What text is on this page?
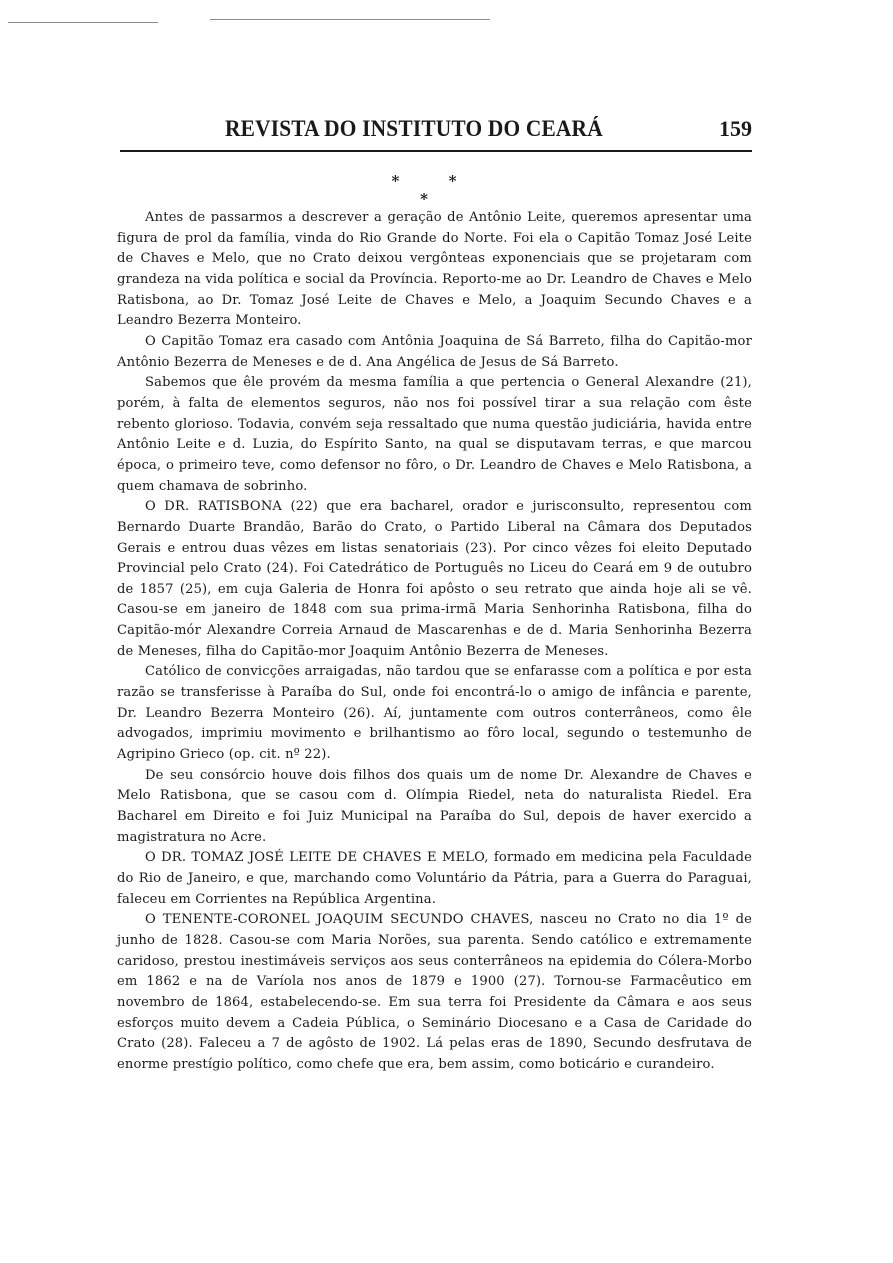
REVISTA DO INSTITUTO DO CEARÁ	159
* * *

Antes de passarmos a descrever a geração de Antônio Leite, queremos apresentar uma figura de prol da família, vinda do Rio Grande do Norte. Foi ela o Capitão Tomaz José Leite de Chaves e Melo, que no Crato deixou vergônteas exponenciais que se projetaram com grandeza na vida política e social da Província. Reporto-me ao Dr. Leandro de Chaves e Melo Ratisbona, ao Dr. Tomaz José Leite de Chaves e Melo, a Joaquim Secundo Chaves e a Leandro Bezerra Monteiro.

O Capitão Tomaz era casado com Antônia Joaquina de Sá Barreto, filha do Capitão-mor Antônio Bezerra de Meneses e de d. Ana Angélica de Jesus de Sá Barreto.

Sabemos que êle provém da mesma família a que pertencia o General Alexandre (21), porém, à falta de elementos seguros, não nos foi possível tirar a sua relação com êste rebento glorioso. Todavia, convém seja ressaltado que numa questão judiciária, havida entre Antônio Leite e d. Luzia, do Espírito Santo, na qual se disputavam terras, e que marcou época, o primeiro teve, como defensor no fôro, o Dr. Leandro de Chaves e Melo Ratisbona, a quem chamava de sobrinho.

O DR. RATISBONA (22) que era bacharel, orador e jurisconsulto, representou com Bernardo Duarte Brandão, Barão do Crato, o Partido Liberal na Câmara dos Deputados Gerais e entrou duas vêzes em listas senatoriais (23). Por cinco vêzes foi eleito Deputado Provincial pelo Crato (24). Foi Catedrático de Português no Liceu do Ceará em 9 de outubro de 1857 (25), em cuja Galeria de Honra foi apôsto o seu retrato que ainda hoje ali se vê. Casou-se em janeiro de 1848 com sua prima-irmã Maria Senhorinha Ratisbona, filha do Capitão-mór Alexandre Correia Arnaud de Mascarenhas e de d. Maria Senhorinha Bezerra de Meneses, filha do Capitão-mor Joaquim Antônio Bezerra de Meneses.

Católico de convicções arraigadas, não tardou que se enfarasse com a política e por esta razão se transferisse à Paraíba do Sul, onde foi encontrá-lo o amigo de infância e parente, Dr. Leandro Bezerra Monteiro (26). Aí, juntamente com outros conterrâneos, como êle advogados, imprimiu movimento e brilhantismo ao fôro local, segundo o testemunho de Agripino Grieco (op. cit. nº 22).

De seu consórcio houve dois filhos dos quais um de nome Dr. Alexandre de Chaves e Melo Ratisbona, que se casou com d. Olímpia Riedel, neta do naturalista Riedel. Era Bacharel em Direito e foi Juiz Municipal na Paraíba do Sul, depois de haver exercido a magistratura no Acre.

O DR. TOMAZ JOSÉ LEITE DE CHAVES E MELO, formado em medicina pela Faculdade do Rio de Janeiro, e que, marchando como Voluntário da Pátria, para a Guerra do Paraguai, faleceu em Corrientes na República Argentina.

O TENENTE-CORONEL JOAQUIM SECUNDO CHAVES, nasceu no Crato no dia 1º de junho de 1828. Casou-se com Maria Norões, sua parenta. Sendo católico e extremamente caridoso, prestou inestimáveis serviços aos seus conterrâneos na epidemia do Cólera-Morbo em 1862 e na de Varíola nos anos de 1879 e 1900 (27). Tornou-se Farmacêutico em novembro de 1864, estabelecendo-se. Em sua terra foi Presidente da Câmara e aos seus esforços muito devem a Cadeia Pública, o Seminário Diocesano e a Casa de Caridade do Crato (28). Faleceu a 7 de agôsto de 1902. Lá pelas eras de 1890, Secundo desfrutava de enorme prestígio político, como chefe que era, bem assim, como boticário e curandeiro.
